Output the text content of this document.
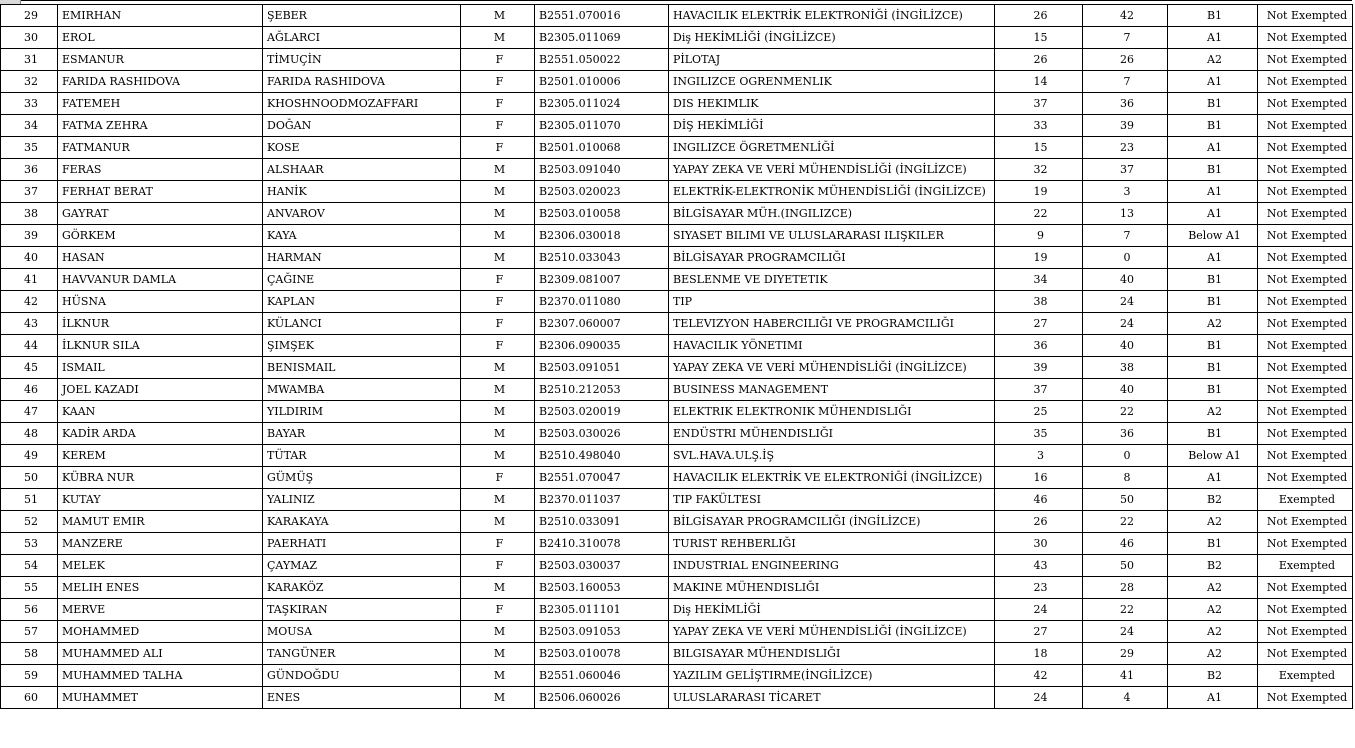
29	EMIRHAN	ŞEBER	M	B2551.070016	HAVACILIK ELEKTRİK ELEKTRONİĞİ (İNGİLİZCE)	26	42	B1	Not Exempted
30	EROL	AĞLARCI	M	B2305.011069	Diş HEKİMLİĞİ (İNGİLİZCE)	15	7	A1	Not Exempted
31	ESMANUR	TİMUÇİN	F	B2551.050022	PİLOTAJ	26	26	A2	Not Exempted
32	FARIDA RASHIDOVA	FARIDA RASHIDOVA	F	B2501.010006	INGILIZCE OGRENMENLIK	14	7	A1	Not Exempted
33	FATEMEH	KHOSHNOODMOZAFFARI	F	B2305.011024	DIS HEKIMLIK	37	36	B1	Not Exempted
34	FATMA ZEHRA	DOĞAN	F	B2305.011070	DİŞ HEKİMLİĞİ	33	39	B1	Not Exempted
35	FATMANUR	KOSE	F	B2501.010068	INGILIZCE ÖGRETMENLİĞİ	15	23	A1	Not Exempted
36	FERAS	ALSHAAR	M	B2503.091040	YAPAY ZEKA VE VERİ MÜHENDİSLİĞİ (İNGİLİZCE)	32	37	B1	Not Exempted
37	FERHAT BERAT	HANİK	M	B2503.020023	ELEKTRİK-ELEKTRONİK MÜHENDİSLİĞİ (İNGİLİZCE)	19	3	A1	Not Exempted
38	GAYRAT	ANVAROV	M	B2503.010058	BİLGİSAYAR MÜH.(INGILIZCE)	22	13	A1	Not Exempted
39	GÖRKEM	KAYA	M	B2306.030018	SIYASET BILIMI VE ULUSLARARASI ILIŞKILER	9	7	Below A1	Not Exempted
40	HASAN	HARMAN	M	B2510.033043	BİLGİSAYAR PROGRAMCILIĞI	19	0	A1	Not Exempted
41	HAVVANUR DAMLA	ÇAĞINE	F	B2309.081007	BESLENME VE DIYETETIK	34	40	B1	Not Exempted
42	HÜSNA	KAPLAN	F	B2370.011080	TIP	38	24	B1	Not Exempted
43	İLKNUR	KÜLANCI	F	B2307.060007	TELEVIZYON HABERCILIĞI VE PROGRAMCILIĞI	27	24	A2	Not Exempted
44	İLKNUR SILA	ŞIMŞEK	F	B2306.090035	HAVACILIK YÖNETIMI	36	40	B1	Not Exempted
45	ISMAIL	BENISMAIL	M	B2503.091051	YAPAY ZEKA VE VERİ MÜHENDİSLİĞİ (İNGİLİZCE)	39	38	B1	Not Exempted
46	JOEL KAZADI	MWAMBA	M	B2510.212053	BUSINESS MANAGEMENT	37	40	B1	Not Exempted
47	KAAN	YILDIRIM	M	B2503.020019	ELEKTRIK ELEKTRONIK MÜHENDISLIĞI	25	22	A2	Not Exempted
48	KADİR ARDA	BAYAR	M	B2503.030026	ENDÜSTRI MÜHENDISLIĞI	35	36	B1	Not Exempted
49	KEREM	TÜTAR	M	B2510.498040	SVL.HAVA.ULŞ.İŞ	3	0	Below A1	Not Exempted
50	KÜBRA NUR	GÜMÜŞ	F	B2551.070047	HAVACILIK ELEKTRİK VE ELEKTRONİĞİ (İNGİLİZCE)	16	8	A1	Not Exempted
51	KUTAY	YALINIZ	M	B2370.011037	TIP FAKÜLTESI	46	50	B2	Exempted
52	MAMUT EMIR	KARAKAYA	M	B2510.033091	BİLGİSAYAR PROGRAMCILIĞI (İNGİLİZCE)	26	22	A2	Not Exempted
53	MANZERE	PAERHATI	F	B2410.310078	TURIST REHBERLIĞI	30	46	B1	Not Exempted
54	MELEK	ÇAYMAZ	F	B2503.030037	INDUSTRIAL ENGINEERING	43	50	B2	Exempted
55	MELIH ENES	KARAKÖZ	M	B2503.160053	MAKINE MÜHENDISLIĞI	23	28	A2	Not Exempted
56	MERVE	TAŞKIRAN	F	B2305.011101	Diş HEKİMLİĞİ	24	22	A2	Not Exempted
57	MOHAMMED	MOUSA	M	B2503.091053	YAPAY ZEKA VE VERİ MÜHENDİSLİĞİ (İNGİLİZCE)	27	24	A2	Not Exempted
58	MUHAMMED ALI	TANGÜNER	M	B2503.010078	BILGISAYAR MÜHENDISLIĞI	18	29	A2	Not Exempted
59	MUHAMMED TALHA	GÜNDOĞDU	M	B2551.060046	YAZILIM GELİŞTIRME(İNGİLİZCE)	42	41	B2	Exempted
60	MUHAMMET	ENES	M	B2506.060026	ULUSLARARASI TİCARET	24	4	A1	Not Exempted
